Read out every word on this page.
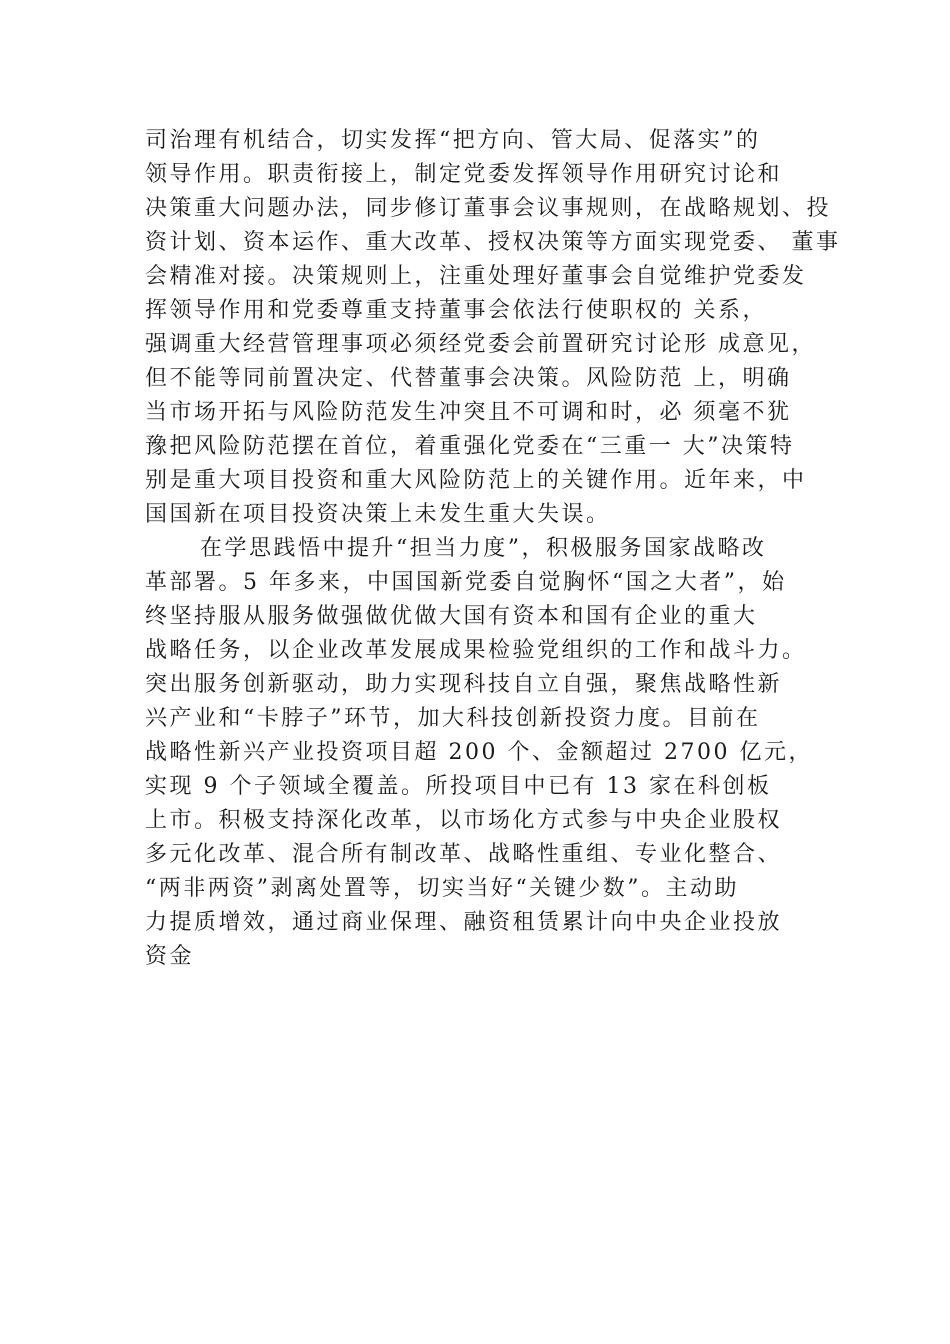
司治理有机结合，切实发挥“把方向、管大局、促落实”的
领导作用。职责衔接上，制定党委发挥领导作用研究讨论和
决策重大问题办法，同步修订董事会议事规则，在战略规划、投
资计划、资本运作、重大改革、授权决策等方面实现党委、 董事
会精准对接。决策规则上，注重处理好董事会自觉维护党委发
挥领导作用和党委尊重支持董事会依法行使职权的 关系，
强调重大经营管理事项必须经党委会前置研究讨论形 成意见，
但不能等同前置决定、代替董事会决策。风险防范 上，明确
当市场开拓与风险防范发生冲突且不可调和时，必 须毫不犹
豫把风险防范摆在首位，着重强化党委在“三重一 大”决策特
别是重大项目投资和重大风险防范上的关键作用。近年来，中
国国新在项目投资决策上未发生重大失误。
在学思践悟中提升“担当力度”，积极服务国家战略改
革部署。5 年多来，中国国新党委自觉胸怀“国之大者”，始
终坚持服从服务做强做优做大国有资本和国有企业的重大
战略任务，以企业改革发展成果检验党组织的工作和战斗力。
突出服务创新驱动，助力实现科技自立自强，聚焦战略性新
兴产业和“卡脖子”环节，加大科技创新投资力度。目前在
战略性新兴产业投资项目超 200 个、金额超过 2700 亿元，
实现 9 个子领域全覆盖。所投项目中已有 13 家在科创板
上市。积极支持深化改革，以市场化方式参与中央企业股权
多元化改革、混合所有制改革、战略性重组、专业化整合、
“两非两资”剥离处置等，切实当好“关键少数”。主动助
力提质增效，通过商业保理、融资租赁累计向中央企业投放
资金
